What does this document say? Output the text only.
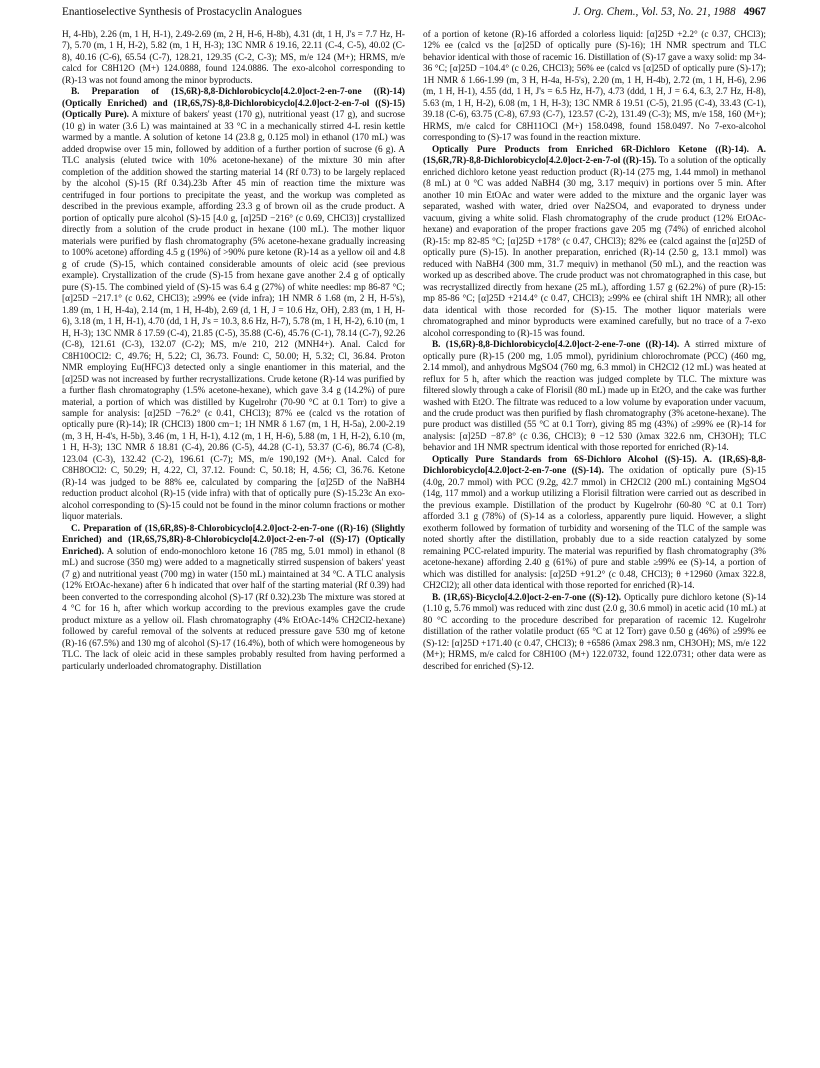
Enantioselective Synthesis of Prostacyclin Analogues	J. Org. Chem., Vol. 53, No. 21, 1988 4967

H, 4-Hb), 2.26 (m, 1 H, H-1), 2.49-2.69 (m, 2 H, H-6, H-8b), 4.31 (dt, 1 H, J's = 7.7 Hz, H-7), 5.70 (m, 1 H, H-2), 5.82 (m, 1 H, H-3); 13C NMR δ 19.16, 22.11 (C-4, C-5), 40.02 (C-8), 40.16 (C-6), 65.54 (C-7), 128.21, 129.35 (C-2, C-3); MS, m/e 124 (M+); HRMS, m/e calcd for C8H12O (M+) 124.0888, found 124.0886. The exo-alcohol corresponding to (R)-13 was not found among the minor byproducts.

B. Preparation of (1S,6R)-8,8-Dichlorobicyclo[4.2.0]oct-2-en-7-one ((R)-14) (Optically Enriched) and (1R,6S,7S)-8,8-Dichlorobicyclo[4.2.0]oct-2-en-7-ol ((S)-15) (Optically Pure). A mixture of bakers' yeast (170 g), nutritional yeast (17 g), and sucrose (10 g) in water (3.6 L) was maintained at 33 °C in a mechanically stirred 4-L resin kettle warmed by a mantle. A solution of ketone 14 (23.8 g, 0.125 mol) in ethanol (170 mL) was added dropwise over 15 min, followed by addition of a further portion of sucrose (6 g). A TLC analysis (eluted twice with 10% acetone-hexane) of the mixture 30 min after completion of the addition showed the starting material 14 (Rf 0.73) to be largely replaced by the alcohol (S)-15 (Rf 0.34).23b After 45 min of reaction time the mixture was centrifuged in four portions to precipitate the yeast, and the workup was completed as described in the previous example, affording 23.3 g of brown oil as the crude product. A portion of optically pure alcohol (S)-15 [4.0 g, [α]25D −216° (c 0.69, CHCl3)] crystallized directly from a solution of the crude product in hexane (100 mL). The mother liquor materials were purified by flash chromatography (5% acetone-hexane gradually increasing to 100% acetone) affording 4.5 g (19%) of >90% pure ketone (R)-14 as a yellow oil and 4.8 g of crude (S)-15, which contained considerable amounts of oleic acid (see previous example). Crystallization of the crude (S)-15 from hexane gave another 2.4 g of optically pure (S)-15. The combined yield of (S)-15 was 6.4 g (27%) of white needles: mp 86-87 °C; [α]25D −217.1° (c 0.62, CHCl3); ≥99% ee (vide infra); 1H NMR δ 1.68 (m, 2 H, H-5's), 1.89 (m, 1 H, H-4a), 2.14 (m, 1 H, H-4b), 2.69 (d, 1 H, J = 10.6 Hz, OH), 2.83 (m, 1 H, H-6), 3.18 (m, 1 H, H-1), 4.70 (dd, 1 H, J's = 10.3, 8.6 Hz, H-7), 5.78 (m, 1 H, H-2), 6.10 (m, 1 H, H-3); 13C NMR δ 17.59 (C-4), 21.85 (C-5), 35.88 (C-6), 45.76 (C-1), 78.14 (C-7), 92.26 (C-8), 121.61 (C-3), 132.07 (C-2); MS, m/e 210, 212 (MNH4+). Anal. Calcd for C8H10OCl2: C, 49.76; H, 5.22; Cl, 36.73. Found: C, 50.00; H, 5.32; Cl, 36.84. Proton NMR employing Eu(HFC)3 detected only a single enantiomer in this material, and the [α]25D was not increased by further recrystallizations. Crude ketone (R)-14 was purified by a further flash chromatography (1.5% acetone-hexane), which gave 3.4 g (14.2%) of pure material, a portion of which was distilled by Kugelrohr (70-90 °C at 0.1 Torr) to give a sample for analysis: [α]25D −76.2° (c 0.41, CHCl3); 87% ee (calcd vs the rotation of optically pure (R)-14); IR (CHCl3) 1800 cm−1; 1H NMR δ 1.67 (m, 1 H, H-5a), 2.00-2.19 (m, 3 H, H-4's, H-5b), 3.46 (m, 1 H, H-1), 4.12 (m, 1 H, H-6), 5.88 (m, 1 H, H-2), 6.10 (m, 1 H, H-3); 13C NMR δ 18.81 (C-4), 20.86 (C-5), 44.28 (C-1), 53.37 (C-6), 86.74 (C-8), 123.04 (C-3), 132.42 (C-2), 196.61 (C-7); MS, m/e 190,192 (M+). Anal. Calcd for C8H8OCl2: C, 50.29; H, 4.22, Cl, 37.12. Found: C, 50.18; H, 4.56; Cl, 36.76. Ketone (R)-14 was judged to be 88% ee, calculated by comparing the [α]25D of the NaBH4 reduction product alcohol (R)-15 (vide infra) with that of optically pure (S)-15.23c An exo-alcohol corresponding to (S)-15 could not be found in the minor column fractions or mother liquor materials.

C. Preparation of (1S,6R,8S)-8-Chlorobicyclo[4.2.0]oct-2-en-7-one ((R)-16) (Slightly Enriched) and (1R,6S,7S,8R)-8-Chlorobicyclo[4.2.0]oct-2-en-7-ol ((S)-17) (Optically Enriched). A solution of endo-monochloro ketone 16 (785 mg, 5.01 mmol) in ethanol (8 mL) and sucrose (350 mg) were added to a magnetically stirred suspension of bakers' yeast (7 g) and nutritional yeast (700 mg) in water (150 mL) maintained at 34 °C. A TLC analysis (12% EtOAc-hexane) after 6 h indicated that over half of the starting material (Rf 0.39) had been converted to the corresponding alcohol (S)-17 (Rf 0.32).23b The mixture was stored at 4 °C for 16 h, after which workup according to the previous examples gave the crude product mixture as a yellow oil. Flash chromatography (4% EtOAc-14% CH2Cl2-hexane) followed by careful removal of the solvents at reduced pressure gave 530 mg of ketone (R)-16 (67.5%) and 130 mg of alcohol (S)-17 (16.4%), both of which were homogeneous by TLC. The lack of oleic acid in these samples probably resulted from having performed a particularly underloaded chromatography. Distillation

of a portion of ketone (R)-16 afforded a colorless liquid: [α]25D +2.2° (c 0.37, CHCl3); 12% ee (calcd vs the [α]25D of optically pure (S)-16); 1H NMR spectrum and TLC behavior identical with those of racemic 16. Distillation of (S)-17 gave a waxy solid: mp 34-36 °C; [α]25D −104.4° (c 0.26, CHCl3); 56% ee (calcd vs [α]25D of optically pure (S)-17); 1H NMR δ 1.66-1.99 (m, 3 H, H-4a, H-5's), 2.20 (m, 1 H, H-4b), 2.72 (m, 1 H, H-6), 2.96 (m, 1 H, H-1), 4.55 (dd, 1 H, J's = 6.5 Hz, H-7), 4.73 (ddd, 1 H, J = 6.4, 6.3, 2.7 Hz, H-8), 5.63 (m, 1 H, H-2), 6.08 (m, 1 H, H-3); 13C NMR δ 19.51 (C-5), 21.95 (C-4), 33.43 (C-1), 39.18 (C-6), 63.75 (C-8), 67.93 (C-7), 123.57 (C-2), 131.49 (C-3); MS, m/e 158, 160 (M+); HRMS, m/e calcd for C8H11OCl (M+) 158.0498, found 158.0497. No 7-exo-alcohol corresponding to (S)-17 was found in the reaction mixture.

Optically Pure Products from Enriched 6R-Dichloro Ketone ((R)-14). A. (1S,6R,7R)-8,8-Dichlorobicyclo[4.2.0]oct-2-en-7-ol ((R)-15). To a solution of the optically enriched dichloro ketone yeast reduction product (R)-14 (275 mg, 1.44 mmol) in methanol (8 mL) at 0 °C was added NaBH4 (30 mg, 3.17 mequiv) in portions over 5 min. After another 10 min EtOAc and water were added to the mixture and the organic layer was separated, washed with water, dried over Na2SO4, and evaporated to dryness under vacuum, giving a white solid. Flash chromatography of the crude product (12% EtOAc-hexane) and evaporation of the proper fractions gave 205 mg (74%) of enriched alcohol (R)-15: mp 82-85 °C; [α]25D +178° (c 0.47, CHCl3); 82% ee (calcd against the [α]25D of optically pure (S)-15). In another preparation, enriched (R)-14 (2.50 g, 13.1 mmol) was reduced with NaBH4 (300 mm, 31.7 mequiv) in methanol (50 mL), and the reaction was worked up as described above. The crude product was not chromatographed in this case, but was recrystallized directly from hexane (25 mL), affording 1.57 g (62.2%) of pure (R)-15: mp 85-86 °C; [α]25D +214.4° (c 0.47, CHCl3); ≥99% ee (chiral shift 1H NMR); all other data identical with those recorded for (S)-15. The mother liquor materials were chromatographed and minor byproducts were examined carefully, but no trace of a 7-exo alcohol corresponding to (R)-15 was found.

B. (1S,6R)-8,8-Dichlorobicyclo[4.2.0]oct-2-ene-7-one ((R)-14). A stirred mixture of optically pure (R)-15 (200 mg, 1.05 mmol), pyridinium chlorochromate (PCC) (460 mg, 2.14 mmol), and anhydrous MgSO4 (760 mg, 6.3 mmol) in CH2Cl2 (12 mL) was heated at reflux for 5 h, after which the reaction was judged complete by TLC. The mixture was filtered slowly through a cake of Florisil (80 mL) made up in Et2O, and the cake was further washed with Et2O. The filtrate was reduced to a low volume by evaporation under vacuum, and the crude product was then purified by flash chromatography (3% acetone-hexane). The pure product was distilled (55 °C at 0.1 Torr), giving 85 mg (43%) of ≥99% ee (R)-14 for analysis: [α]25D −87.8° (c 0.36, CHCl3); θ −12 530 (λmax 322.6 nm, CH3OH); TLC behavior and 1H NMR spectrum identical with those reported for enriched (R)-14.

Optically Pure Standards from 6S-Dichloro Alcohol ((S)-15). A. (1R,6S)-8,8-Dichlorobicyclo[4.2.0]oct-2-en-7-one ((S)-14). The oxidation of optically pure (S)-15 (4.0g, 20.7 mmol) with PCC (9.2g, 42.7 mmol) in CH2Cl2 (200 mL) containing MgSO4 (14g, 117 mmol) and a workup utilizing a Florisil filtration were carried out as described in the previous example. Distillation of the product by Kugelrohr (60-80 °C at 0.1 Torr) afforded 3.1 g (78%) of (S)-14 as a colorless, apparently pure liquid. However, a slight exotherm followed by formation of turbidity and worsening of the TLC of the sample was noted shortly after the distillation, probably due to a side reaction catalyzed by some remaining PCC-related impurity. The material was repurified by flash chromatography (3% acetone-hexane) affording 2.40 g (61%) of pure and stable ≥99% ee (S)-14, a portion of which was distilled for analysis: [α]25D +91.2° (c 0.48, CHCl3); θ +12960 (λmax 322.8, CH2Cl2); all other data identical with those reported for enriched (R)-14.

B. (1R,6S)-Bicyclo[4.2.0]oct-2-en-7-one ((S)-12). Optically pure dichloro ketone (S)-14 (1.10 g, 5.76 mmol) was reduced with zinc dust (2.0 g, 30.6 mmol) in acetic acid (10 mL) at 80 °C according to the procedure described for preparation of racemic 12. Kugelrohr distillation of the rather volatile product (65 °C at 12 Torr) gave 0.50 g (46%) of ≥99% ee (S)-12: [α]25D +171.40 (c 0.47, CHCl3); θ +6586 (λmax 298.3 nm, CH3OH); MS, m/e 122 (M+); HRMS, m/e calcd for C8H10O (M+) 122.0732, found 122.0731; other data were as described for enriched (S)-12.
